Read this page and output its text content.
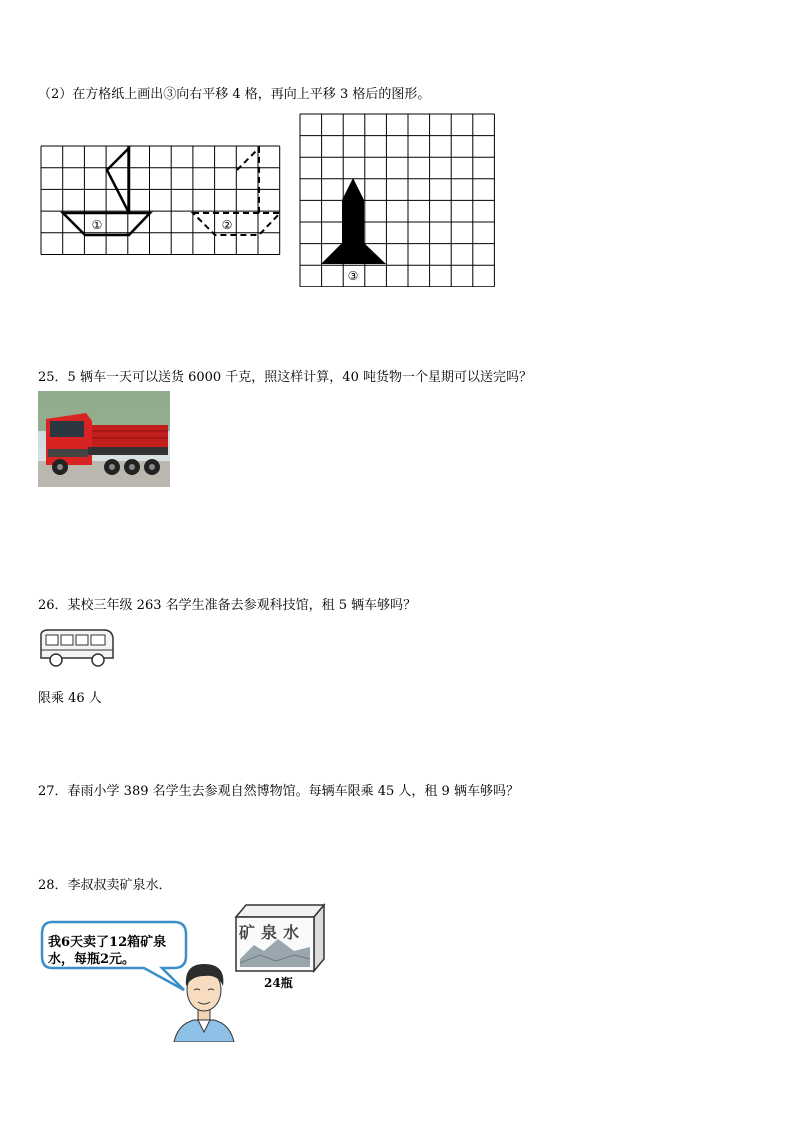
（2）在方格纸上画出③向右平移 4 格，再向上平移 3 格后的图形。
①	②
③
25．5 辆车一天可以送货 6000 千克，照这样计算，40 吨货物一个星期可以送完吗？
26．某校三年级 263 名学生准备去参观科技馆，租 5 辆车够吗？
限乘 46 人
27．春雨小学 389 名学生去参观自然博物馆。每辆车限乘 45 人，租 9 辆车够吗？
28．李叔叔卖矿泉水．
我6天卖了12箱矿泉
水，每瓶2元。
矿泉水
24瓶
